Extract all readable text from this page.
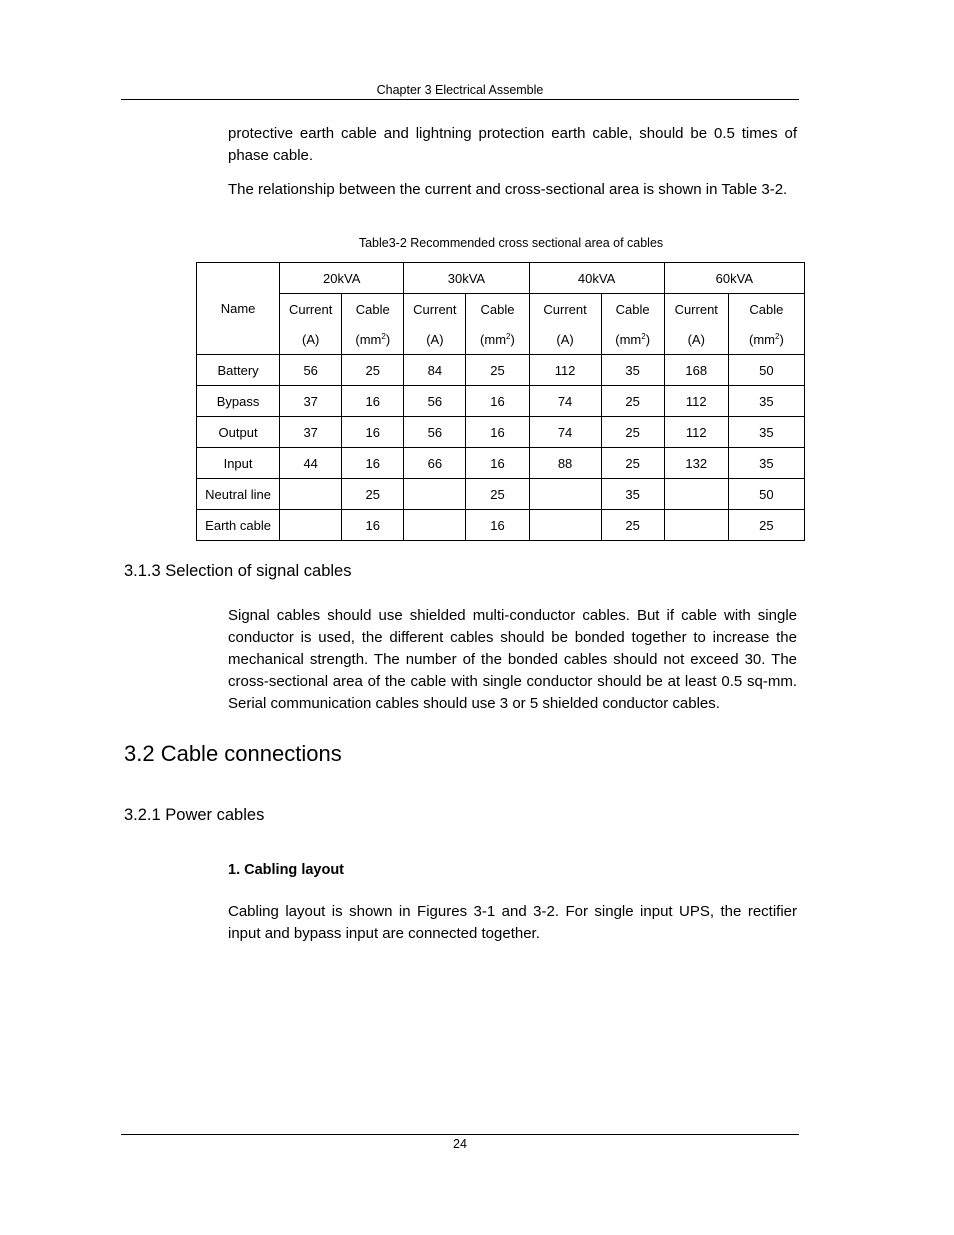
Chapter 3 Electrical Assemble

protective earth cable and lightning protection earth cable, should be 0.5 times of phase cable.

The relationship between the current and cross-sectional area is shown in Table 3-2.

Table3-2 Recommended cross sectional area of cables
Name	20kVA		30kVA		40kVA		60kVA	
	Current	Cable	Current	Cable	Current	Cable	Current	Cable
	(A)	$(mm^2)$	(A)	$(mm^2)$	(A)	$(mm^2)$	(A)	$(mm^2)$
Battery	56	25	84	25	112	35	168	50
Bypass	37	16	56	16	74	25	112	35
Output	37	16	56	16	74	25	112	35
Input	44	16	66	16	88	25	132	35
Neutral line		25		25		35		50
Earth cable		16		16		25		25
3.1.3 Selection of signal cables

Signal cables should use shielded multi-conductor cables. But if cable with single conductor is used, the different cables should be bonded together to increase the mechanical strength. The number of the bonded cables should not exceed 30. The cross-sectional area of the cable with single conductor should be at least 0.5 sq-mm. Serial communication cables should use 3 or 5 shielded conductor cables.

3.2 Cable connections
3.2.1 Power cables
1. Cabling layout

Cabling layout is shown in Figures 3-1 and 3-2. For single input UPS, the rectifier input and bypass input are connected together.

24
